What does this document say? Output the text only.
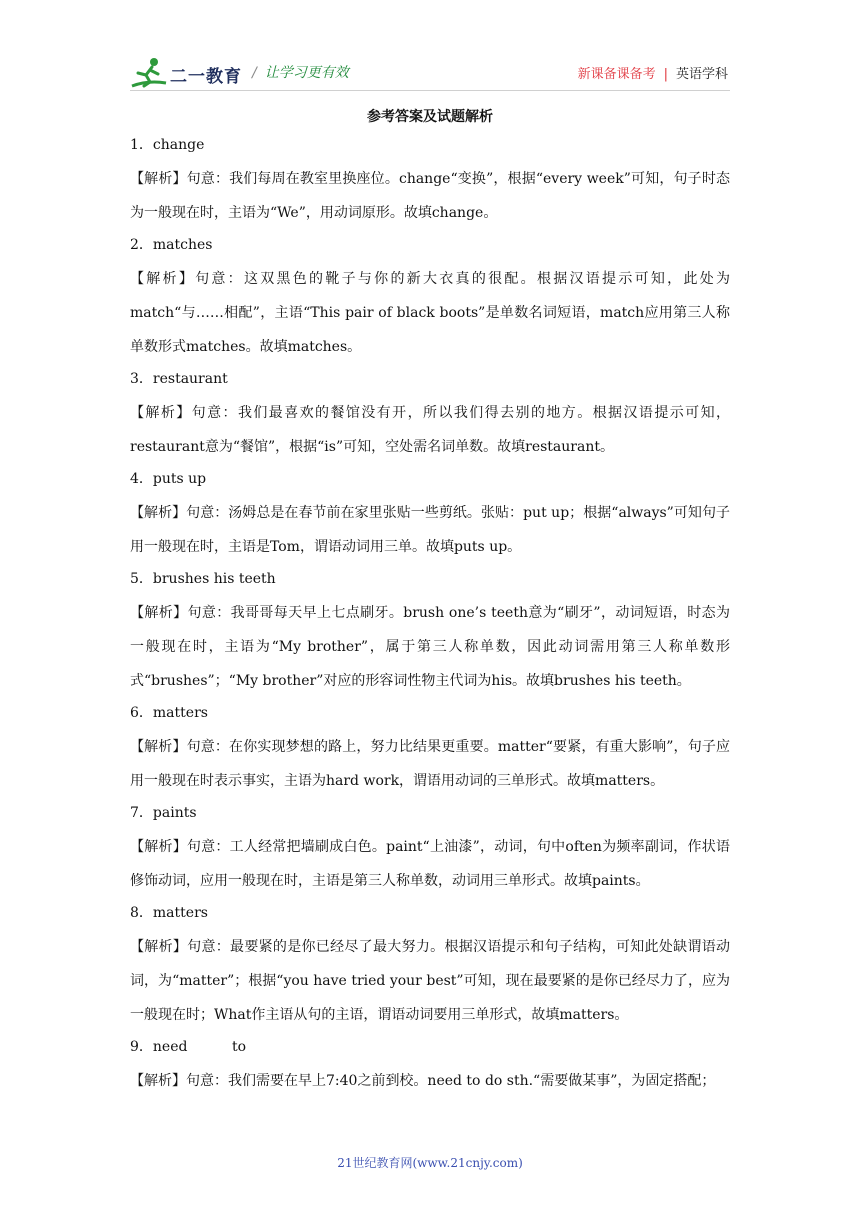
二一教育 / 让学习更有效	新课备课备考 | 英语学科
参考答案及试题解析
1．change
【解析】句意：我们每周在教室里换座位。change“变换”，根据“every week”可知，句子时态为一般现在时，主语为“We”，用动词原形。故填change。
2．matches
【解析】句意：这双黑色的靴子与你的新大衣真的很配。根据汉语提示可知，此处为match“与……相配”，主语“This pair of black boots”是单数名词短语，match应用第三人称单数形式matches。故填matches。
3．restaurant
【解析】句意：我们最喜欢的餐馆没有开，所以我们得去别的地方。根据汉语提示可知，restaurant意为“餐馆”，根据“is”可知，空处需名词单数。故填restaurant。
4．puts up
【解析】句意：汤姆总是在春节前在家里张贴一些剪纸。张贴：put up；根据“always”可知句子用一般现在时，主语是Tom，谓语动词用三单。故填puts up。
5．brushes his teeth
【解析】句意：我哥哥每天早上七点刷牙。brush one’s teeth意为“刷牙”，动词短语，时态为一般现在时，主语为“My brother”，属于第三人称单数，因此动词需用第三人称单数形式“brushes”；“My brother”对应的形容词性物主代词为his。故填brushes his teeth。
6．matters
【解析】句意：在你实现梦想的路上，努力比结果更重要。matter“要紧，有重大影响”，句子应用一般现在时表示事实，主语为hard work，谓语用动词的三单形式。故填matters。
7．paints
【解析】句意：工人经常把墙刷成白色。paint“上油漆”，动词，句中often为频率副词，作状语修饰动词，应用一般现在时，主语是第三人称单数，动词用三单形式。故填paints。
8．matters
【解析】句意：最要紧的是你已经尽了最大努力。根据汉语提示和句子结构，可知此处缺谓语动词，为“matter”；根据“you have tried your best”可知，现在最要紧的是你已经尽力了，应为一般现在时；What作主语从句的主语，谓语动词要用三单形式，故填matters。
9．need          to
【解析】句意：我们需要在早上7:40之前到校。need to do sth.“需要做某事”，为固定搭配；
21世纪教育网(www.21cnjy.com)
